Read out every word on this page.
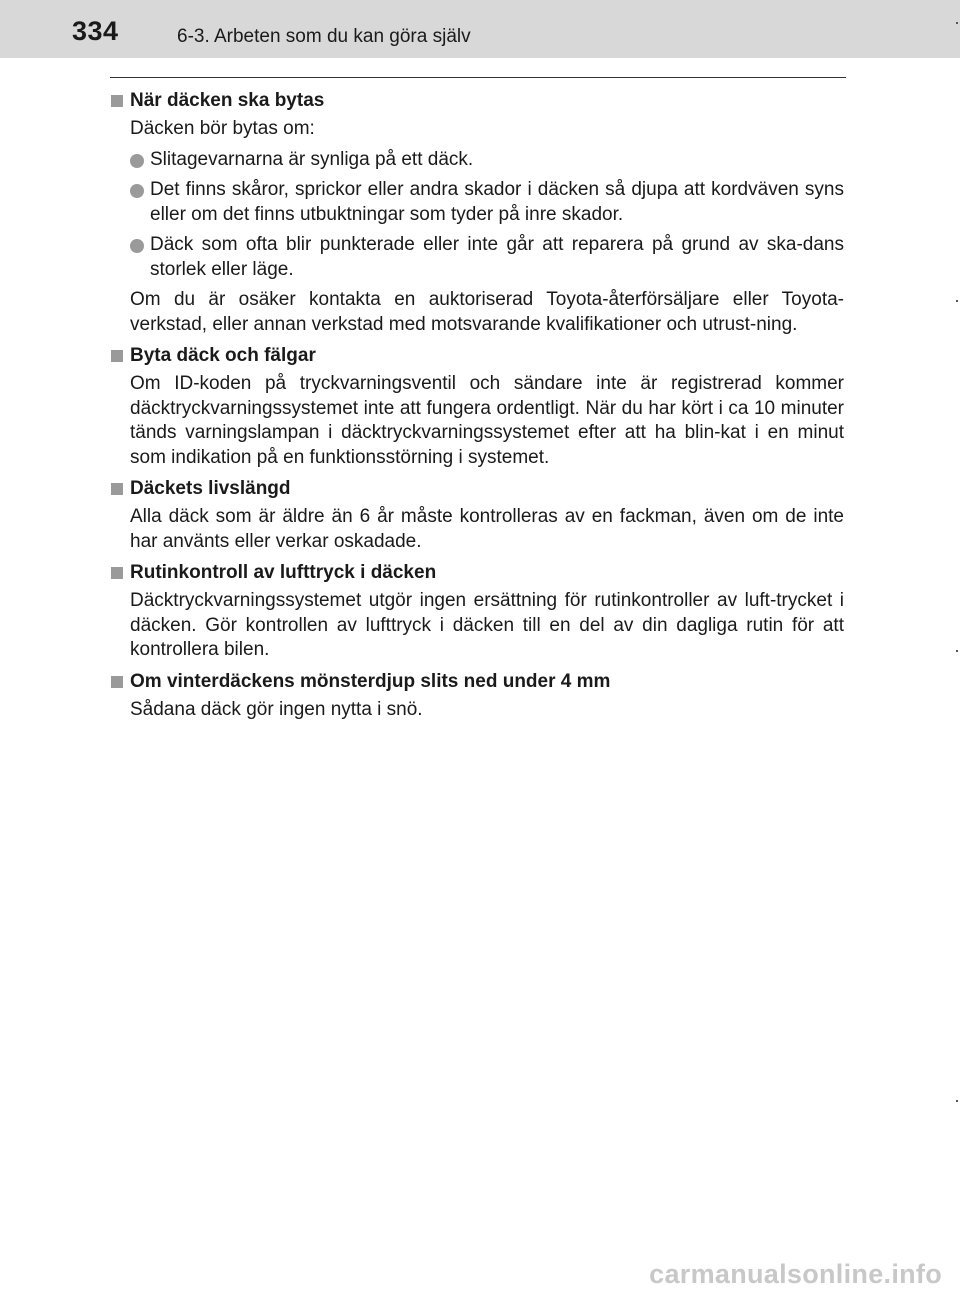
334	6-3. Arbeten som du kan göra själv
När däcken ska bytas
Däcken bör bytas om:
Slitagevarnarna är synliga på ett däck.
Det finns skåror, sprickor eller andra skador i däcken så djupa att kordväven syns eller om det finns utbuktningar som tyder på inre skador.
Däck som ofta blir punkterade eller inte går att reparera på grund av ska-dans storlek eller läge.
Om du är osäker kontakta en auktoriserad Toyota-återförsäljare eller Toyota-verkstad, eller annan verkstad med motsvarande kvalifikationer och utrust-ning.
Byta däck och fälgar
Om ID-koden på tryckvarningsventil och sändare inte är registrerad kommer däcktryckvarningssystemet inte att fungera ordentligt. När du har kört i ca 10 minuter tänds varningslampan i däcktryckvarningssystemet efter att ha blin-kat i en minut som indikation på en funktionsstörning i systemet.
Däckets livslängd
Alla däck som är äldre än 6 år måste kontrolleras av en fackman, även om de inte har använts eller verkar oskadade.
Rutinkontroll av lufttryck i däcken
Däcktryckvarningssystemet utgör ingen ersättning för rutinkontroller av luft-trycket i däcken. Gör kontrollen av lufttryck i däcken till en del av din dagliga rutin för att kontrollera bilen.
Om vinterdäckens mönsterdjup slits ned under 4 mm
Sådana däck gör ingen nytta i snö.
carmanualsonline.info
